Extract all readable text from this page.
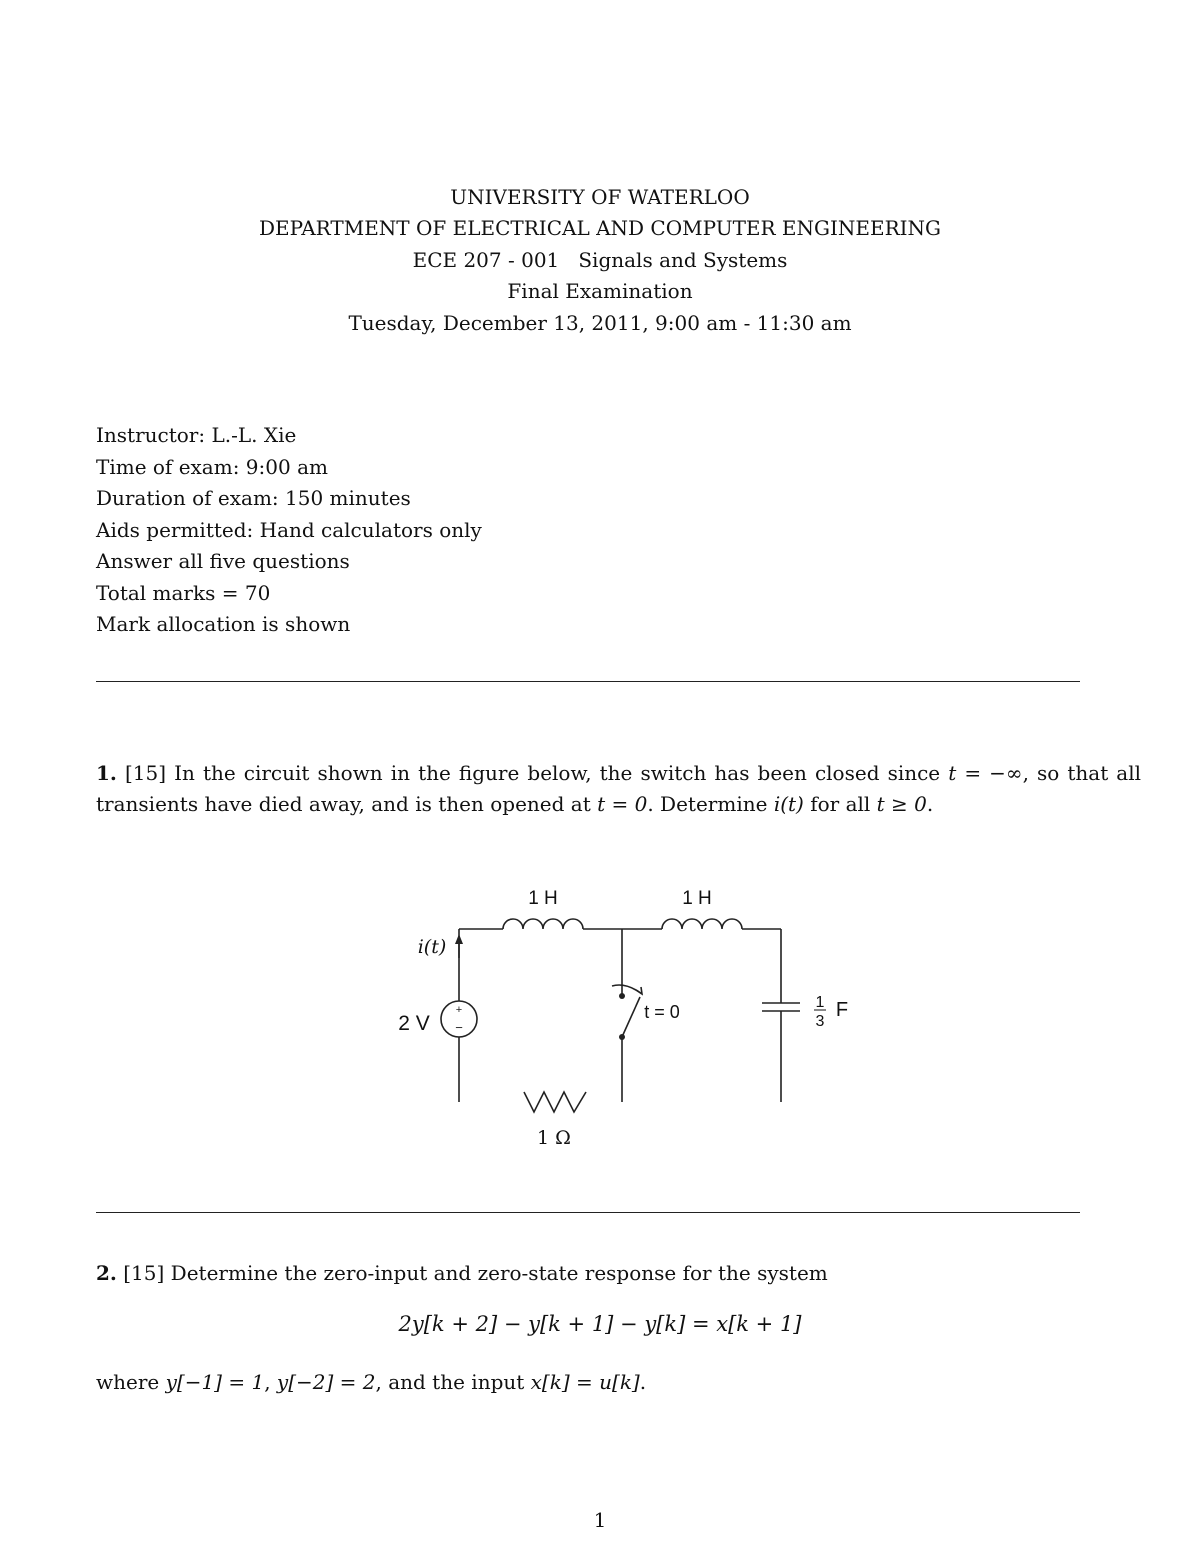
UNIVERSITY OF WATERLOO
DEPARTMENT OF ELECTRICAL AND COMPUTER ENGINEERING
ECE 207 - 001   Signals and Systems
Final Examination
Tuesday, December 13, 2011, 9:00 am - 11:30 am
Instructor: L.-L. Xie
Time of exam: 9:00 am
Duration of exam: 150 minutes
Aids permitted: Hand calculators only
Answer all five questions
Total marks = 70
Mark allocation is shown
1. [15] In the circuit shown in the figure below, the switch has been closed since t = −∞, so that all transients have died away, and is then opened at t = 0. Determine i(t) for all t ≥ 0.
+
−
1 H	1 H
i(t)
2 V	t = 0
1 Ω
1
3
F
2. [15] Determine the zero-input and zero-state response for the system
2y[k + 2] − y[k + 1] − y[k] = x[k + 1]
where y[−1] = 1, y[−2] = 2, and the input x[k] = u[k].
1
